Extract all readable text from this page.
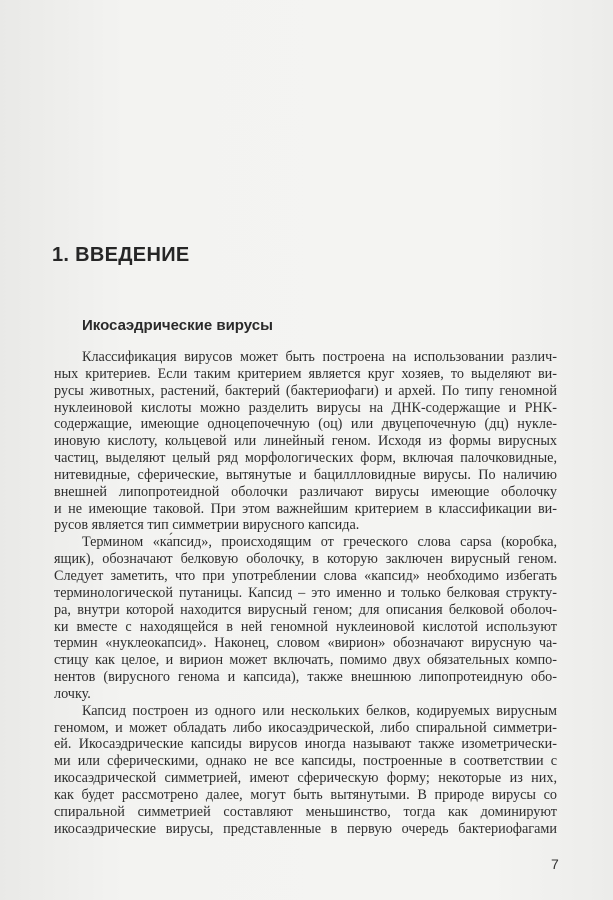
1. ВВЕДЕНИЕ
Икосаэдрические вирусы
Классификация вирусов может быть построена на использовании различ-
ных критериев. Если таким критерием является круг хозяев, то выделяют ви-
русы животных, растений, бактерий (бактериофаги) и архей. По типу геномной
нуклеиновой кислоты можно разделить вирусы на ДНК-содержащие и РНК-
содержащие, имеющие одноцепочечную (оц) или двуцепочечную (дц) нукле-
иновую кислоту, кольцевой или линейный геном. Исходя из формы вирусных
частиц, выделяют целый ряд морфологических форм, включая палочковидные,
нитевидные, сферические, вытянутые и бациллловидные вирусы. По наличию
внешней липопротеидной оболочки различают вирусы имеющие оболочку
и не имеющие таковой. При этом важнейшим критерием в классификации ви-
русов является тип симметрии вирусного капсида.
Термином «ка́псид», происходящим от греческого слова capsa (коробка,
ящик), обозначают белковую оболочку, в которую заключен вирусный геном.
Следует заметить, что при употреблении слова «капсид» необходимо избегать
терминологической путаницы. Капсид – это именно и только белковая структу-
ра, внутри которой находится вирусный геном; для описания белковой оболоч-
ки вместе с находящейся в ней геномной нуклеиновой кислотой используют
термин «нуклеокапсид». Наконец, словом «вирион» обозначают вирусную ча-
стицу как целое, и вирион может включать, помимо двух обязательных компо-
нентов (вирусного генома и капсида), также внешнюю липопротеидную обо-
лочку.
Капсид построен из одного или нескольких белков, кодируемых вирусным
геномом, и может обладать либо икосаэдрической, либо спиральной симметри-
ей. Икосаэдрические капсиды вирусов иногда называют также изометрически-
ми или сферическими, однако не все капсиды, построенные в соответствии с
икосаэдрической симметрией, имеют сферическую форму; некоторые из них,
как будет рассмотрено далее, могут быть вытянутыми. В природе вирусы со
спиральной симметрией составляют меньшинство, тогда как доминируют
икосаэдрические вирусы, представленные в первую очередь бактериофагами
7
